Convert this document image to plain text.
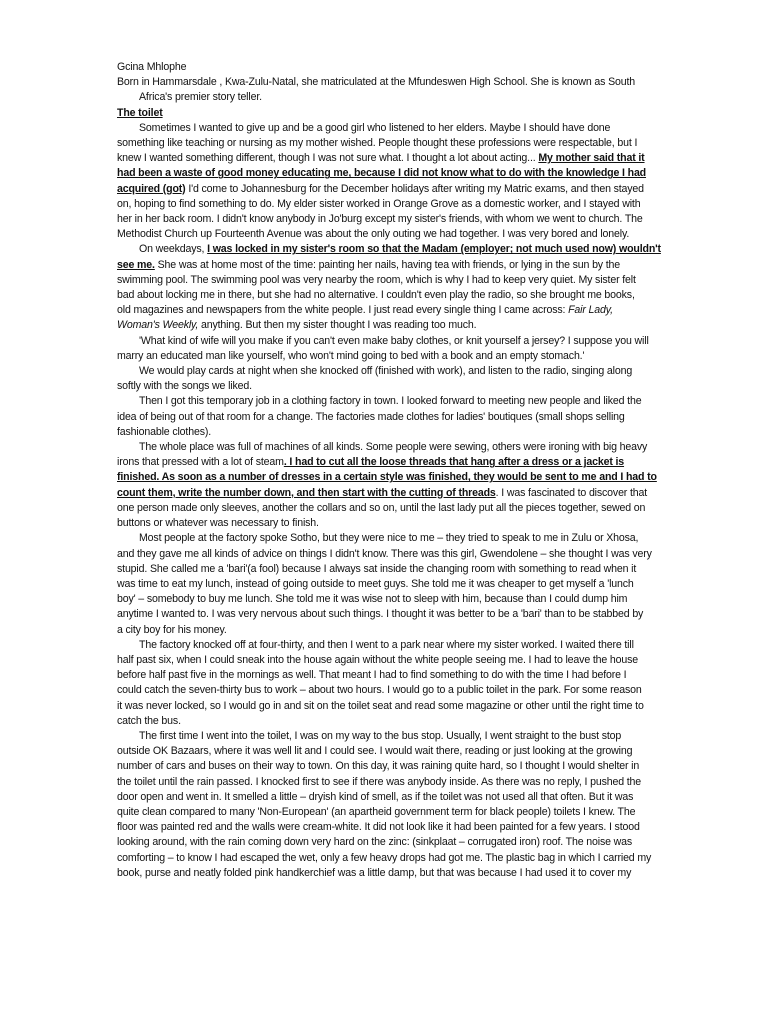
Gcina Mhlophe
Born in Hammarsdale , Kwa-Zulu-Natal, she matriculated at the Mfundeswen High School. She is known as South
Africa's premier story teller.
The toilet
Sometimes I wanted to give up and be a good girl who listened to her elders. Maybe I should have done
something like teaching or nursing as my mother wished. People thought these professions were respectable, but I
knew I wanted something different, though I was not sure what. I thought a lot about acting... My mother said that it
had been a waste of good money educating me, because I did not know what to do with the knowledge I had
acquired (got) I'd come to Johannesburg for the December holidays after writing my Matric exams, and then stayed
on, hoping to find something to do. My elder sister worked in Orange Grove as a domestic worker, and I stayed with
her in her back room. I didn't know anybody in Jo'burg except my sister's friends, with whom we went to church. The
Methodist Church up Fourteenth Avenue was about the only outing we had together. I was very bored and lonely.
On weekdays, I was locked in my sister's room so that the Madam (employer; not much used now) wouldn't
see me. She was at home most of the time: painting her nails, having tea with friends, or lying in the sun by the
swimming pool. The swimming pool was very nearby the room, which is why I had to keep very quiet. My sister felt
bad about locking me in there, but she had no alternative. I couldn't even play the radio, so she brought me books,
old magazines and newspapers from the white people. I just read every single thing I came across: Fair Lady,
Woman's Weekly, anything. But then my sister thought I was reading too much.
'What kind of wife will you make if you can't even make baby clothes, or knit yourself a jersey? I suppose you will
marry an educated man like yourself, who won't mind going to bed with a book and an empty stomach.'
We would play cards at night when she knocked off (finished with work), and listen to the radio, singing along
softly with the songs we liked.
Then I got this temporary job in a clothing factory in town. I looked forward to meeting new people and liked the
idea of being out of that room for a change. The factories made clothes for ladies' boutiques (small shops selling
fashionable clothes).
The whole place was full of machines of all kinds. Some people were sewing, others were ironing with big heavy
irons that pressed with a lot of steam. I had to cut all the loose threads that hang after a dress or a jacket is
finished. As soon as a number of dresses in a certain style was finished, they would be sent to me and I had to
count them, write the number down, and then start with the cutting of threads. I was fascinated to discover that
one person made only sleeves, another the collars and so on, until the last lady put all the pieces together, sewed on
buttons or whatever was necessary to finish.
Most people at the factory spoke Sotho, but they were nice to me – they tried to speak to me in Zulu or Xhosa,
and they gave me all kinds of advice on things I didn't know. There was this girl, Gwendolene – she thought I was very
stupid. She called me a 'bari'(a fool) because I always sat inside the changing room with something to read when it
was time to eat my lunch, instead of going outside to meet guys. She told me it was cheaper to get myself a 'lunch
boy' – somebody to buy me lunch. She told me it was wise not to sleep with him, because than I could dump him
anytime I wanted to. I was very nervous about such things. I thought it was better to be a 'bari' than to be stabbed by
a city boy for his money.
The factory knocked off at four-thirty, and then I went to a park near where my sister worked. I waited there till
half past six, when I could sneak into the house again without the white people seeing me. I had to leave the house
before half past five in the mornings as well. That meant I had to find something to do with the time I had before I
could catch the seven-thirty bus to work – about two hours. I would go to a public toilet in the park. For some reason
it was never locked, so I would go in and sit on the toilet seat and read some magazine or other until the right time to
catch the bus.
The first time I went into the toilet, I was on my way to the bus stop. Usually, I went straight to the bust stop
outside OK Bazaars, where it was well lit and I could see. I would wait there, reading or just looking at the growing
number of cars and buses on their way to town. On this day, it was raining quite hard, so I thought I would shelter in
the toilet until the rain passed. I knocked first to see if there was anybody inside. As there was no reply, I pushed the
door open and went in. It smelled a little – dryish kind of smell, as if the toilet was not used all that often. But it was
quite clean compared to many 'Non-European' (an apartheid government term for black people) toilets I knew. The
floor was painted red and the walls were cream-white. It did not look like it had been painted for a few years. I stood
looking around, with the rain coming down very hard on the zinc: (sinkplaat – corrugated iron) roof. The noise was
comforting – to know I had escaped the wet, only a few heavy drops had got me. The plastic bag in which I carried my
book, purse and neatly folded pink handkerchief was a little damp, but that was because I had used it to cover my
